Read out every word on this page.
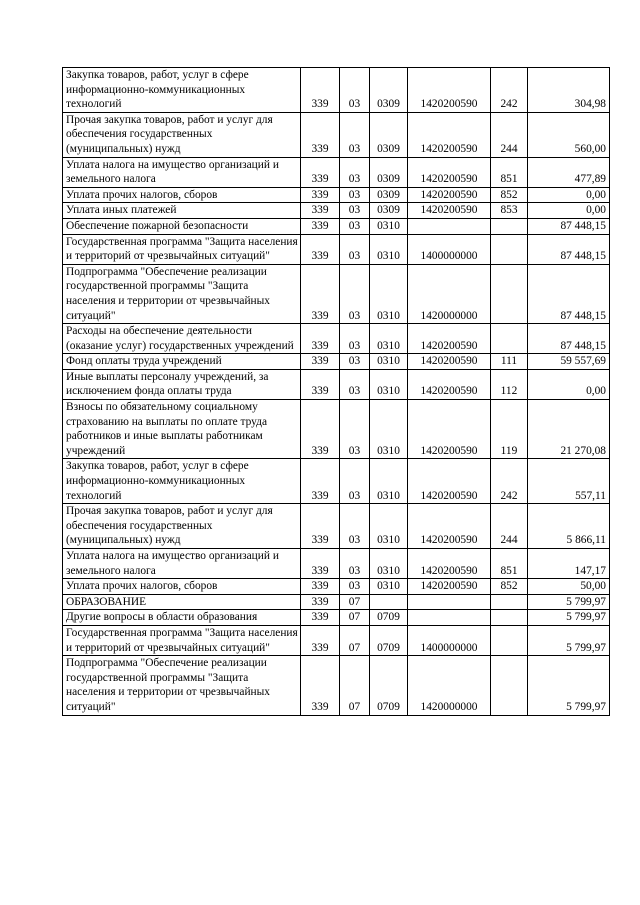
Закупка товаров, работ, услуг в сфере информационно-коммуникационных технологий	339	03	0309	1420200590	242	304,98
Прочая закупка товаров, работ и услуг для обеспечения государственных (муниципальных) нужд	339	03	0309	1420200590	244	560,00
Уплата налога на имущество организаций и земельного налога	339	03	0309	1420200590	851	477,89
Уплата прочих налогов, сборов	339	03	0309	1420200590	852	0,00
Уплата иных платежей	339	03	0309	1420200590	853	0,00
Обеспечение пожарной безопасности	339	03	0310			87 448,15
Государственная программа "Защита населения и территорий от чрезвычайных ситуаций"	339	03	0310	1400000000		87 448,15
Подпрограмма "Обеспечение реализации государственной программы "Защита населения и территории от чрезвычайных ситуаций"	339	03	0310	1420000000		87 448,15
Расходы на обеспечение деятельности (оказание услуг) государственных учреждений	339	03	0310	1420200590		87 448,15
Фонд оплаты труда учреждений	339	03	0310	1420200590	111	59 557,69
Иные выплаты персоналу учреждений, за исключением фонда оплаты труда	339	03	0310	1420200590	112	0,00
Взносы по обязательному социальному страхованию на выплаты по оплате труда работников и иные выплаты работникам учреждений	339	03	0310	1420200590	119	21 270,08
Закупка товаров, работ, услуг в сфере информационно-коммуникационных технологий	339	03	0310	1420200590	242	557,11
Прочая закупка товаров, работ и услуг для обеспечения государственных (муниципальных) нужд	339	03	0310	1420200590	244	5 866,11
Уплата налога на имущество организаций и земельного налога	339	03	0310	1420200590	851	147,17
Уплата прочих налогов, сборов	339	03	0310	1420200590	852	50,00
ОБРАЗОВАНИЕ	339	07				5 799,97
Другие вопросы в области образования	339	07	0709			5 799,97
Государственная программа "Защита населения и территорий от чрезвычайных ситуаций"	339	07	0709	1400000000		5 799,97
Подпрограмма "Обеспечение реализации государственной программы "Защита населения и территории от чрезвычайных ситуаций"	339	07	0709	1420000000		5 799,97
